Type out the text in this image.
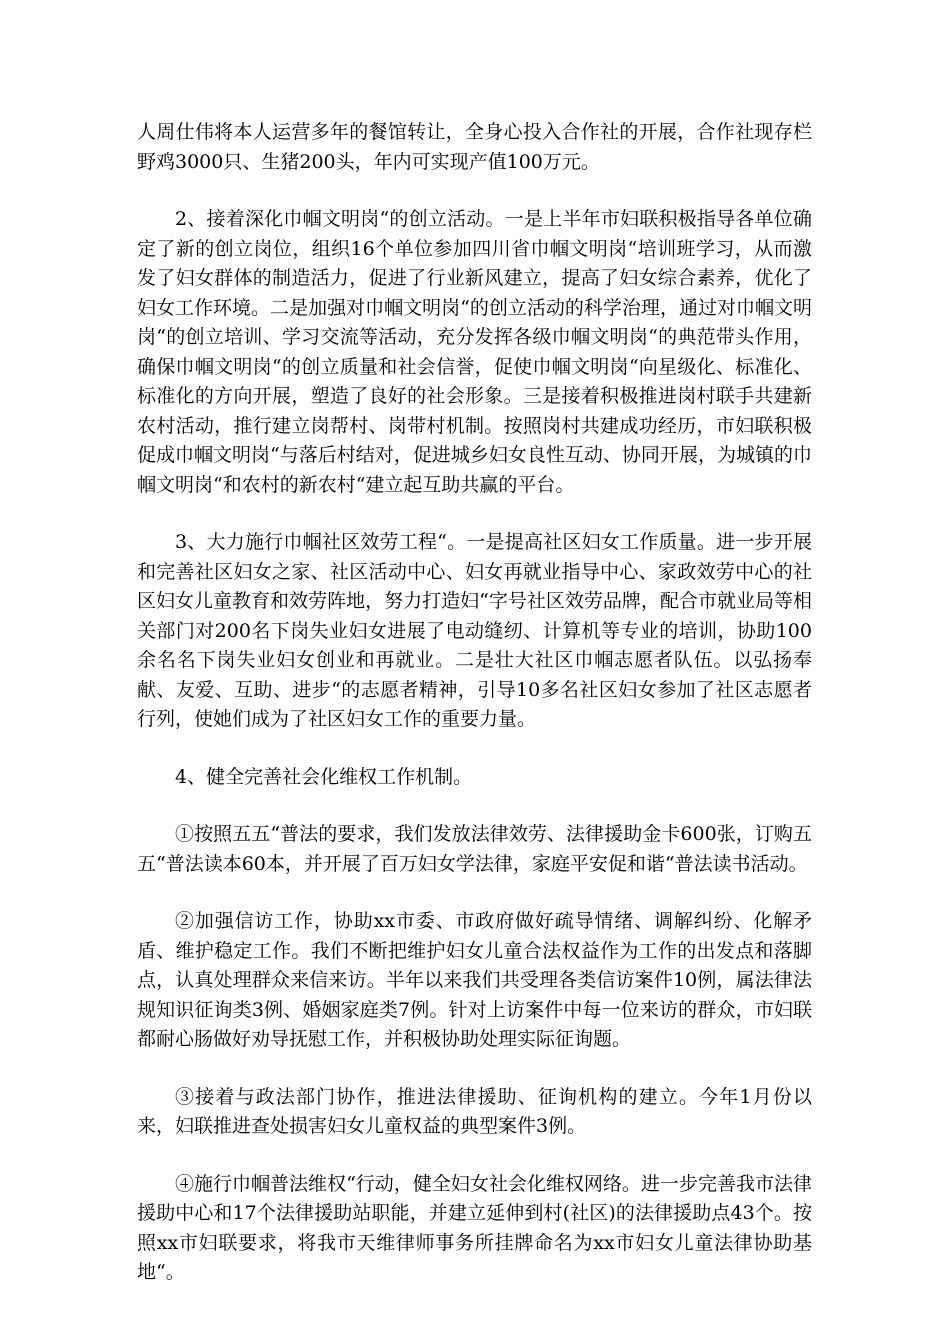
人周仕伟将本人运营多年的餐馆转让，全身心投入合作社的开展，合作社现存栏野鸡3000只、生猪200头，年内可实现产值100万元。

2、接着深化巾帼文明岗“的创立活动。一是上半年市妇联积极指导各单位确定了新的创立岗位，组织16个单位参加四川省巾帼文明岗“培训班学习，从而激发了妇女群体的制造活力，促进了行业新风建立，提高了妇女综合素养，优化了妇女工作环境。二是加强对巾帼文明岗“的创立活动的科学治理，通过对巾帼文明岗“的创立培训、学习交流等活动，充分发挥各级巾帼文明岗“的典范带头作用，确保巾帼文明岗“的创立质量和社会信誉，促使巾帼文明岗“向星级化、标准化、标准化的方向开展，塑造了良好的社会形象。三是接着积极推进岗村联手共建新农村活动，推行建立岗帮村、岗带村机制。按照岗村共建成功经历，市妇联积极促成巾帼文明岗“与落后村结对，促进城乡妇女良性互动、协同开展，为城镇的巾帼文明岗“和农村的新农村“建立起互助共赢的平台。

3、大力施行巾帼社区效劳工程“。一是提高社区妇女工作质量。进一步开展和完善社区妇女之家、社区活动中心、妇女再就业指导中心、家政效劳中心的社区妇女儿童教育和效劳阵地，努力打造妇“字号社区效劳品牌，配合市就业局等相关部门对200名下岗失业妇女进展了电动缝纫、计算机等专业的培训，协助100余名名下岗失业妇女创业和再就业。二是壮大社区巾帼志愿者队伍。以弘扬奉献、友爱、互助、进步“的志愿者精神，引导10多名社区妇女参加了社区志愿者行列，使她们成为了社区妇女工作的重要力量。

4、健全完善社会化维权工作机制。

①按照五五“普法的要求，我们发放法律效劳、法律援助金卡600张，订购五五“普法读本60本，并开展了百万妇女学法律，家庭平安促和谐“普法读书活动。

②加强信访工作，协助xx市委、市政府做好疏导情绪、调解纠纷、化解矛盾、维护稳定工作。我们不断把维护妇女儿童合法权益作为工作的出发点和落脚点，认真处理群众来信来访。半年以来我们共受理各类信访案件10例，属法律法规知识征询类3例、婚姻家庭类7例。针对上访案件中每一位来访的群众，市妇联都耐心肠做好劝导抚慰工作，并积极协助处理实际征询题。

③接着与政法部门协作，推进法律援助、征询机构的建立。今年1月份以来，妇联推进查处损害妇女儿童权益的典型案件3例。

④施行巾帼普法维权“行动，健全妇女社会化维权网络。进一步完善我市法律援助中心和17个法律援助站职能，并建立延伸到村(社区)的法律援助点43个。按照xx市妇联要求，将我市天维律师事务所挂牌命名为xx市妇女儿童法律协助基地“。
